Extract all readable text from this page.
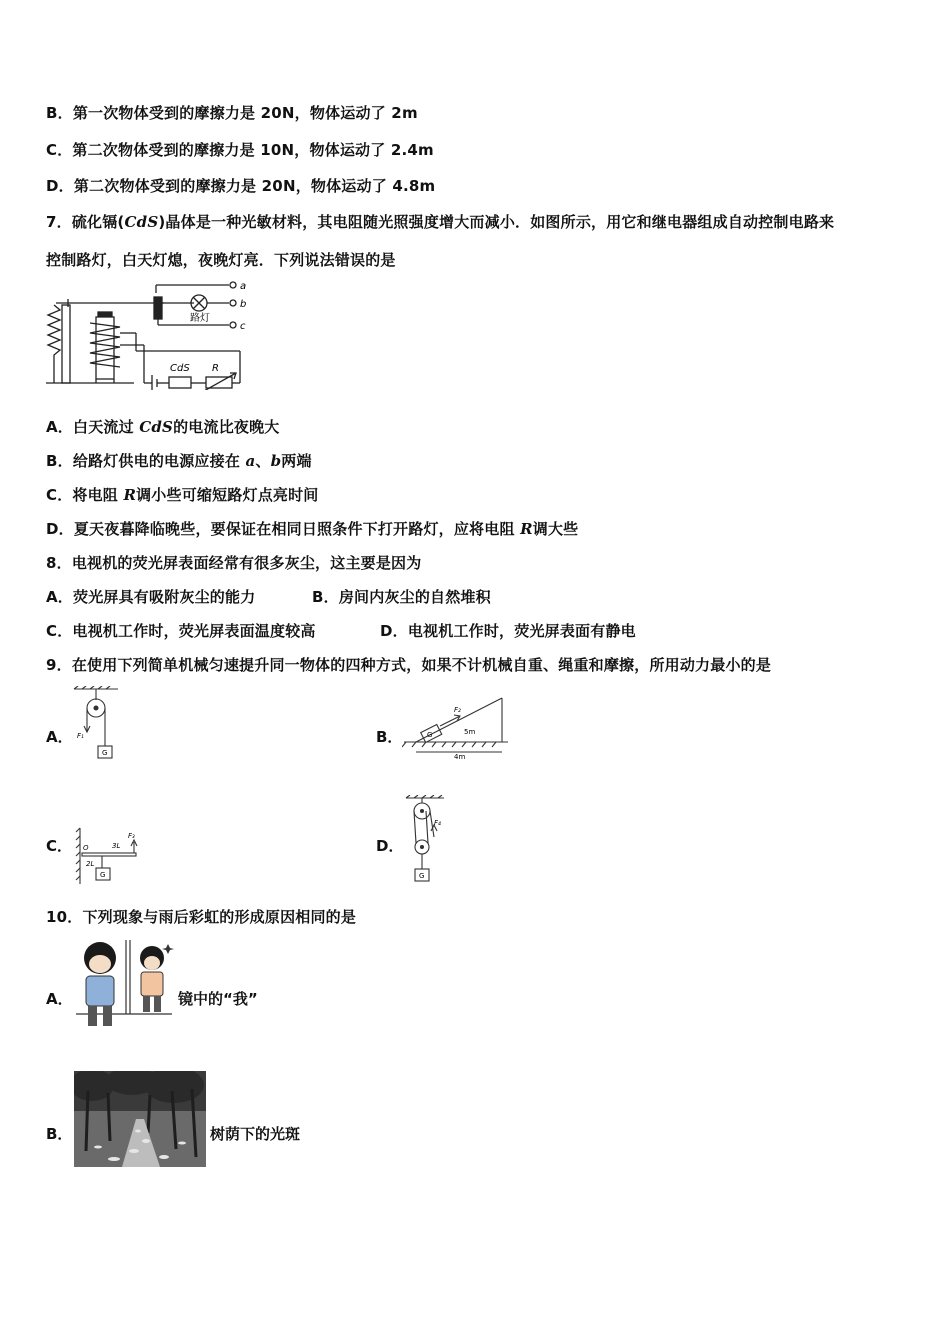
B．第一次物体受到的摩擦力是 20N，物体运动了 2m
C．第二次物体受到的摩擦力是 10N，物体运动了 2.4m
D．第二次物体受到的摩擦力是 20N，物体运动了 4.8m
7．硫化镉(CdS)晶体是一种光敏材料，其电阻随光照强度增大而减小．如图所示，用它和继电器组成自动控制电路来
控制路灯，白天灯熄，夜晚灯亮．下列说法错误的是
a
b
c
路灯
CdS R
A．白天流过 CdS的电流比夜晚大
B．给路灯供电的电源应接在 a、b两端
C．将电阻 R调小些可缩短路灯点亮时间
D．夏天夜暮降临晚些，要保证在相同日照条件下打开路灯，应将电阻 R调大些
8．电视机的荧光屏表面经常有很多灰尘，这主要是因为
A．荧光屏具有吸附灰尘的能力	B．房间内灰尘的自然堆积
C．电视机工作时，荧光屏表面温度较高	D．电视机工作时，荧光屏表面有静电
9．在使用下列简单机械匀速提升同一物体的四种方式，如果不计机械自重、绳重和摩擦，所用动力最小的是
A． F₁
G
B．	G
F₂
5m
4m
C． O	3L
2L
F₃
G
D．
F₄
G
10．下列现象与雨后彩虹的形成原因相同的是
A．	镜中的“我”
B．	树荫下的光斑
